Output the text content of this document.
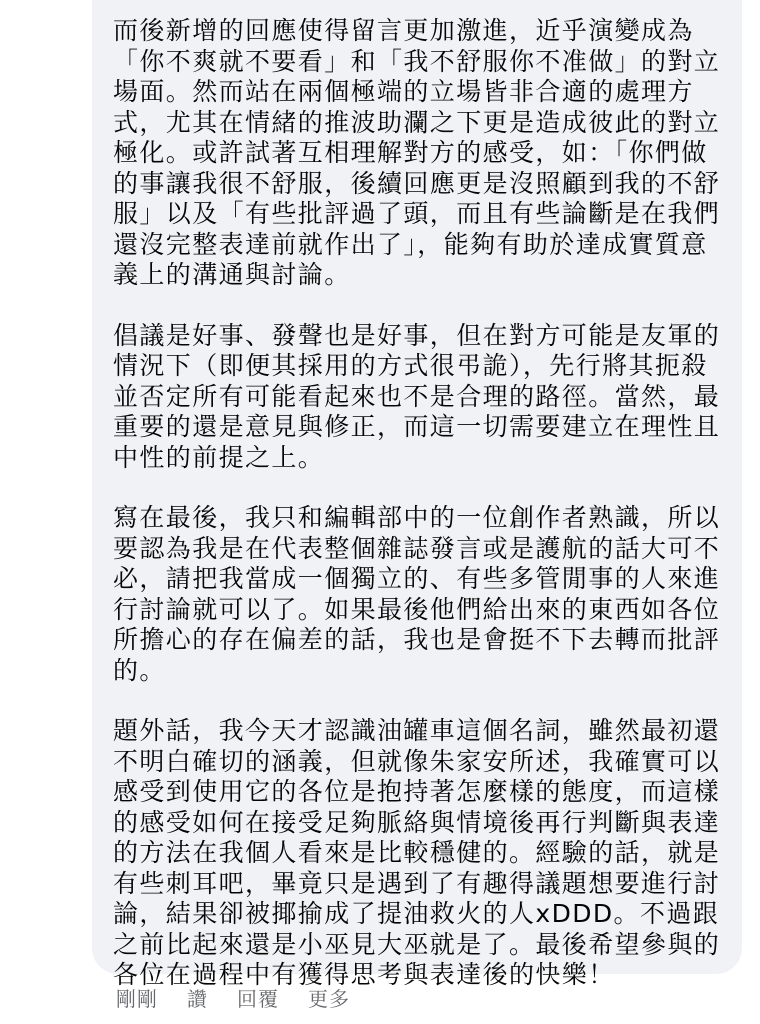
而後新增的回應使得留言更加激進，近乎演變成為
「你不爽就不要看」和「我不舒服你不准做」的對立
場面。然而站在兩個極端的立場皆非合適的處理方
式，尤其在情緒的推波助瀾之下更是造成彼此的對立
極化。或許試著互相理解對方的感受，如：「你們做
的事讓我很不舒服，後續回應更是沒照顧到我的不舒
服」以及「有些批評過了頭，而且有些論斷是在我們
還沒完整表達前就作出了」，能夠有助於達成實質意
義上的溝通與討論。

倡議是好事、發聲也是好事，但在對方可能是友軍的
情況下（即便其採用的方式很弔詭），先行將其扼殺
並否定所有可能看起來也不是合理的路徑。當然，最
重要的還是意見與修正，而這一切需要建立在理性且
中性的前提之上。

寫在最後，我只和編輯部中的一位創作者熟識，所以
要認為我是在代表整個雜誌發言或是護航的話大可不
必，請把我當成一個獨立的、有些多管閒事的人來進
行討論就可以了。如果最後他們給出來的東西如各位
所擔心的存在偏差的話，我也是會挺不下去轉而批評
的。

題外話，我今天才認識油罐車這個名詞，雖然最初還
不明白確切的涵義，但就像朱家安所述，我確實可以
感受到使用它的各位是抱持著怎麼樣的態度，而這樣
的感受如何在接受足夠脈絡與情境後再行判斷與表達
的方法在我個人看來是比較穩健的。經驗的話，就是
有些刺耳吧，畢竟只是遇到了有趣得議題想要進行討
論，結果卻被揶揄成了提油救火的人xDDD。不過跟
之前比起來還是小巫見大巫就是了。最後希望參與的
各位在過程中有獲得思考與表達後的快樂！

剛剛 讚 回覆 更多
